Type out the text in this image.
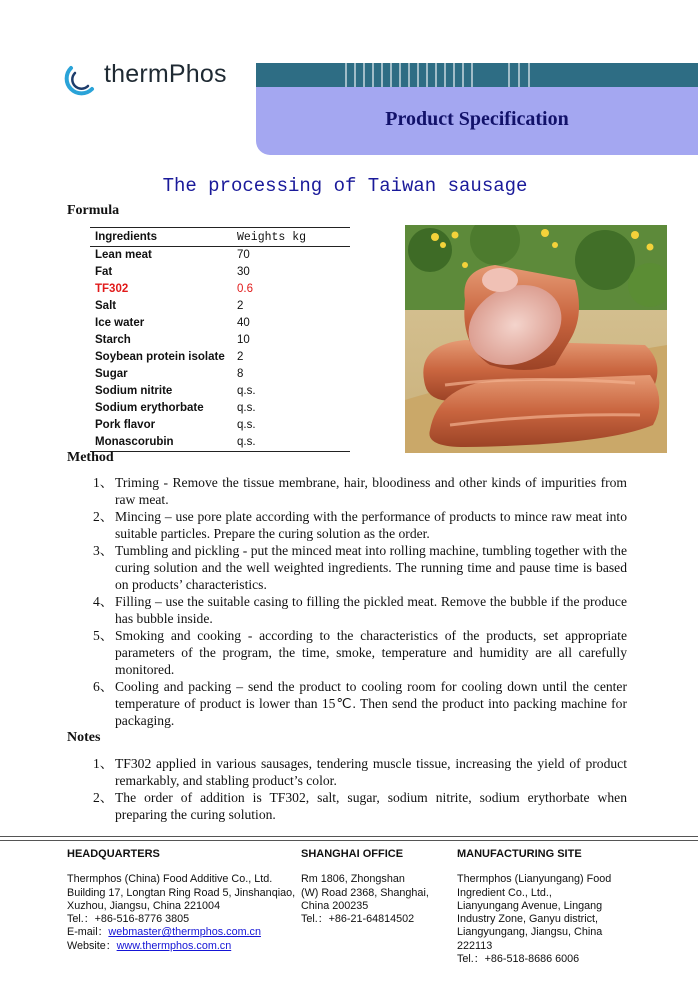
thermPhos
Product Specification
The processing of Taiwan sausage
Formula
Ingredients	Weights kg
Lean meat	70
Fat	30
TF302	0.6
Salt	2
Ice water	40
Starch	10
Soybean protein isolate	2
Sugar	8
Sodium nitrite	q.s.
Sodium erythorbate	q.s.
Pork flavor	q.s.
Monascorubin	q.s.
Method
1、 Triming - Remove the tissue membrane, hair, bloodiness and other kinds of impurities from raw meat.
2、 Mincing – use pore plate according with the performance of products to mince raw meat into suitable particles. Prepare the curing solution as the order.
3、 Tumbling and pickling - put the minced meat into rolling machine, tumbling together with the curing solution and the well weighted ingredients. The running time and pause time is based on products’ characteristics.
4、 Filling – use the suitable casing to filling the pickled meat. Remove the bubble if the produce has bubble inside.
5、 Smoking and cooking - according to the characteristics of the products, set appropriate parameters of the program, the time, smoke, temperature and humidity are all carefully monitored.
6、 Cooling and packing – send the product to cooling room for cooling down until the center temperature of product is lower than 15℃. Then send the product into packing machine for packaging.
Notes
1、 TF302 applied in various sausages, tendering muscle tissue, increasing the yield of product remarkably, and stabling product’s color.
2、 The order of addition is TF302, salt, sugar, sodium nitrite, sodium erythorbate when preparing the curing solution.
HEADQUARTERS
Thermphos (China) Food Additive Co., Ltd.
Building 17, Longtan Ring Road 5, Jinshanqiao,
Xuzhou, Jiangsu, China 221004
Tel.：+86-516-8776 3805
E-mail：webmaster@thermphos.com.cn
Website：www.thermphos.com.cn
SHANGHAI OFFICE
Rm 1806, Zhongshan
(W) Road 2368, Shanghai,
China 200235
Tel.：+86-21-64814502
MANUFACTURING SITE
Thermphos (Lianyungang) Food
Ingredient Co., Ltd.,
Lianyungang Avenue, Lingang
Industry Zone, Ganyu district,
Liangyungang, Jiangsu, China
222113
Tel.：+86-518-8686 6006
